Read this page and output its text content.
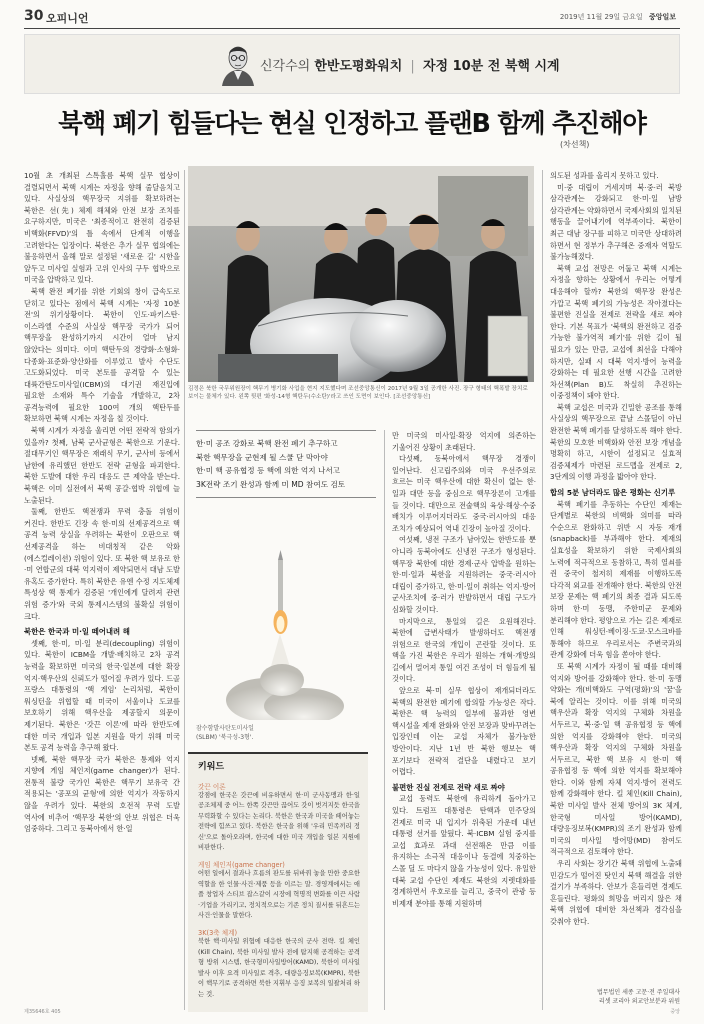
30 오피니언	2019년 11월 29일 금요일 중앙일보
신각수의 한반도평화워치 | 자정 10분 전 북핵 시계
북핵 폐기 힘들다는 현실 인정하고 플랜B 함께 추진해야
(차선책)

10월 초 개최된 스톡홀름 북핵 실무 협상이 결렬되면서 북핵 시계는 자정을 향해 줄달음치고 있다. 사실상의 핵무장국 지위를 확보하려는 북한은 선(先) 체제 해체와 안전 보장 조치를 요구하지만, 미국은 '최종적이고 완전히 검증된 비핵화(FFVD)'의 틀 속에서 단계적 이행을 고려한다는 입장이다. 북한은 추가 실무 협의에는 불응하면서 올해 말로 설정된 '새로운 길' 시한을 앞두고 미사일 실험과 고위 인사의 구두 협박으로 미국을 압박하고 있다.

북핵 완전 폐기를 위한 기회의 창이 급속도로 닫히고 있다는 점에서 북핵 시계는 '자정 10분 전'의 위기상황이다. 북한이 인도·파키스탄·이스라엘 수준의 사실상 핵무장 국가가 되어 핵무장을 완성하기까지 시간이 얼마 남지 않았다는 의미다. 이미 핵탄두의 경량화·소형화·다종화·표준화·양산화를 이루었고 발사 수단도 고도화되었다. 미국 본토를 공격할 수 있는 대륙간탄도미사일(ICBM)의 대기권 재진입에 필요한 소재와 특수 기술을 개발하고, 2차 공격능력에 필요한 100여 개의 핵탄두를 확보하면 북핵 시계는 자정을 칠 것이다.

북핵 시계가 자정을 울리면 어떤 전략적 함의가 있을까? 첫째, 남북 군사균형은 북한으로 기운다. 절대무기인 핵무장은 재래식 무기, 군사비 등에서 남한에 유리했던 한반도 전략 균형을 파괴한다. 북한 도발에 대한 우리 대응도 큰 제약을 받는다. 북핵은 이미 실전에서 북핵 공갈·협박 위협에 늘 노출된다.

둘째, 한반도 핵전쟁과 무력 충돌 위험이 커진다. 한반도 긴장 속 한·미의 선제공격으로 핵 공격 능력 상실을 우려하는 북한이 오판으로 핵 선제공격을 하는 비대칭적 같은 악화(에스컬레이션) 위험이 있다. 또 북한 핵 보유로 한·미 연합군의 대북 억지력이 제약되면서 대남 도발 유혹도 증가한다. 특히 북한은 유엔 수정 지도체제 특성상 핵 통제가 검증된 '개인에게 달려져 관련 위험 증가'와 국외 통제시스템의 불확실 위험이 크다.

북한은 한국과 미·일 떼어내려 해

셋째, 한·미, 미·일 분리(decoupling) 위험이 있다. 북한이 ICBM을 개발·배치하고 2차 공격 능력을 확보하면 미국의 한국·일본에 대한 확장 억지·핵우산의 신뢰도가 떨어질 우려가 있다. 드골 프랑스 대통령의 '핵 게임' 논리처럼, 북한이 워싱턴을 위협할 때 미국이 서울이나 도쿄를 보호하기 위해 핵우산을 제공할지 의문이 제기된다. 북한은 '갓끈 이론'에 따라 한반도에 대한 미국 개입과 일본 지원을 막기 위해 미국 본토 공격 능력을 추구해 왔다.

넷째, 북한 핵무장 국가 북한은 통제와 억지 지향에 게임 체인저(game changer)가 된다. 전통적 불량 국가인 북한은 핵무기 보유국 간 적용되는 '공포의 균형'에 의한 억지가 작동하지 않을 우려가 있다. 북한의 호전적 무력 도발 역사에 비추어 '핵무장 북한'의 안보 위협은 더욱 엄중하다. 그리고 동북아에서 한·일

김정은 북한 국무위원장이 핵무기 병기화 사업을 현지 지도했다며 조선중앙통신이 2017년 9월 3일 공개한 사진. 장구 형태의 핵폭발 장치로 보이는 물체가 있다. 왼쪽 뒷편 '화성-14형 핵탄두(수소탄)'라고 쓰인 도면이 보인다. [조선중앙통신]
한·미 공조 강화로 북핵 완전 폐기 추구하고
북한 핵무장을 군현제 될 스쿨 닫 막아야
한·미 핵 공유협정 등 핵에 의한 억지 나서고
3K전략 조기 완성과 함께 미 MD 참여도 검토
잠수함발사탄도미사일
(SLBM) '북극성-3형'.
키워드
갓끈 이론
강점에 한국은 갓끈에 비유하면서 한·미 군사동맹과 한·일 공조체제 중 어느 한쪽 갓끈만 끊어도 갓이 벗겨지듯 한국을 무력화할 수 있다는 논리다. 북한은 한국과 미국을 떼어놓는 전략에 힘쓰고 있다. 북한은 한국을 위해 '우리 민족끼리 정신'으로 돌아오라며, 한국에 대한 미국 개입을 일본 지원에 비판한다.
게임 체인저(game changer)
어떤 일에서 결과나 흐름의 판도를 뒤바꿔 놓을 만한 중요한 역할을 한 인물·사건·제품 등을 이르는 말. 경영계에서는 애플 창업자 스티브 잡스같이 시장에 혁명적 변화를 이끈 사람·기업을 가리키고, 정치적으로는 기존 정치 질서를 뒤흔드는 사건·인물을 말한다.
3K(3축 체계)
북한 핵·미사일 위협에 대응한 한국의 군사 전략. 킬 체인(Kill Chain), 북한 미사일 발사 전에 탐지해 공격하는 공격형 방위 시스템, 한국형미사일방어(KAMD), 북한이 미사일 발사 이후 요격 미사일로 격추, 대량응징보복(KMPR), 북한이 핵무기로 공격하면 북한 지휘부 응징 보복의 일괄처리 하는 것.

만 미국의 미사일·확장 억지에 의존하는 기울어진 상황이 초래된다.

다섯째, 동북아에서 핵무장 경쟁이 일어난다. 신고립주의와 미국 우선주의로 흐르는 미국 핵우산에 대한 확신이 없는 한·일과 대만 등을 중심으로 핵무장론이 고개를 들 것이다. 대만으로 전술핵의 육상·해상·수중 배치가 이루어지더라도 중국·러시아의 대응 조치가 예상되어 역내 긴장이 높아질 것이다.

여섯째, 냉전 구조가 남아있는 한반도를 뿐 아니라 동북아에도 신냉전 구조가 형성된다. 핵무장 북한에 대한 경제·군사 압박을 원하는 한·미·일과 북한을 지원하려는 중국·러시아 대립이 증가하고, 한·미·일이 취하는 억지·방어 군사조치에 중·러가 반발하면서 대립 구도가 심화할 것이다.

마지막으로, 통일의 길은 요원해진다. 북한에 급변사태가 발생하더도 핵전쟁 위험으로 한국의 개입이 곤란할 것이다. 또 핵을 가진 북한은 우리가 원하는 개혁·개방의 길에서 멀어져 통일 여건 조성이 더 힘들게 될 것이다.

앞으로 북·미 실무 협상이 재개되더라도 북핵의 완전한 폐기에 합의할 가능성은 작다. 북한은 핵 능력의 일부에 불과한 영변 핵시설을 제재 완화와 안전 보장과 맞바꾸려는 입장인데 이는 교섭 자체가 불가능한 방안이다. 지난 1년 반 북한 행보는 핵 포기보다 전략적 결단을 내렸다고 보기 어렵다.

불편한 진실 전제로 전략 새로 짜야

교섭 동력도 북한에 유리하게 돌아가고 있다. 트럼프 대통령은 탄핵과 민주당의 견제로 미국 내 입지가 위축된 가운데 내년 대통령 선거를 앞뒀다. 북·ICBM 실험 중지를 교섭 효과로 과대 선전해온 만큼 이를 유지하는 소극적 대응이나 동결에 치중하는 스몰 딜 도 마다지 않을 가능성이 있다. 유일한 대북 교섭 수단인 제재도 북한의 지렛대화를 경계하면서 우호로를 늘리고, 중국이 관광 등 비제재 분야를 통해 지원하며

의도된 성과를 올리지 못하고 있다.

미·중 대립이 거세지며 북·중·러 북방 삼각관계는 강화되고 한·미·일 남방 삼각관계는 약화하면서 국제사회의 일치된 행동을 끌어내기에 역부족이다. 북한이 최근 대남 장구를 피하고 미국만 상대하려 하면서 현 정부가 추구해온 중재자 역할도 불가능해졌다.

북핵 교섭 전망은 어둡고 북핵 시계는 자정을 향하는 상황에서 우리는 어떻게 대응해야 할까? 북한의 핵무장 완성은 가깝고 북핵 폐기의 가능성은 작아졌다는 불편한 진실을 전제로 전략을 새로 짜야 한다. 기본 목표가 '북핵의 완전하고 검증 가능한 불가역적 폐기'를 위한 길이 될 필요가 있는 만큼, 교섭에 최선을 다해야 하지만, 실패 시 대북 억지·방어 능력을 강화하는 데 필요한 선행 시간을 고려한 차선책(Plan B)도 착실히 추진하는 이중정책이 돼야 한다.

북핵 교섭은 미국과 긴밀한 공조를 통해 사실상의 핵무장으로 끝날 스몰딜이 아닌 완전한 북핵 폐기를 달성하도록 해야 한다. 북한의 모호한 비핵화와 안전 보장 개념을 명확히 하고, 시한이 설정되고 실효적 검증체제가 마련된 로드맵을 전제로 2, 3단계의 이행 과정을 밟아야 한다.

합의 5분 남더라도 많은 평화는 신기루

북핵 폐기를 추동하는 수단인 제재는 단계별로 북한의 비핵화 의미를 따라 수순으로 완화하고 위반 시 자동 재개(snapback)를 부과해야 한다. 제재의 실효성을 확보하기 위한 국제사회의 노력에 적극적으로 동참하고, 특히 열쇠를 쥔 중국이 철저히 제재를 이행하도록 다각적 외교를 전개해야 한다. 북한의 안전 보장 문제는 핵 폐기의 최종 결과 되도록 하며 한·미 동맹, 주한미군 문제와 분리해야 한다. 평양으로 가는 길은 제재로 인해 워싱턴·베이징·도쿄·모스크바를 통해야 하므로 우리로서는 주변국과의 관계 강화에 더욱 힘을 쏟아야 한다.

또 북핵 시계가 자정이 될 때를 대비해 억지와 방어를 강화해야 한다. 한·미 동맹 약화는 개(비핵화도 구역(평화)'의 '꿈'을 북에 알리는 것이다. 이를 위해 미국의 핵우산과 확장 억지의 구체화 차원을 서두르고, 북·중·일 핵 공유협정 등 핵에 의한 억지를 강화해야 한다. 미국의 핵우산과 확장 억지의 구체화 차원을 서두르고, 북한 핵 보유 시 한·미 핵 공유협정 등 핵에 의한 억지를 확보해야 한다. 이와 함께 자체 억지·방어 전력도 함께 강화해야 한다. 킬 체인(Kill Chain), 북한 미사일 발사 전체 방어의 3K 체계, 한국형 미사일 방어(KAMD), 대량응징보복(KMPR)의 조기 완성과 함께 미국의 미사일 방어망(MD) 참여도 적극적으로 검토해야 한다.

우리 사회는 장기간 북핵 위협에 노출돼 민감도가 떨어진 탓인지 북핵 해결을 위한 결기가 부족하다. 안보가 흔들리면 경제도 흔들린다. 평화의 희망을 버리지 않은 채 북핵 위협에 대비한 차선책과 경각심을 갖춰야 한다.

법무법인 세종 고문·전 주일대사
리셋 코리아 외교안보분과 위원
제35646호 405	중앙
